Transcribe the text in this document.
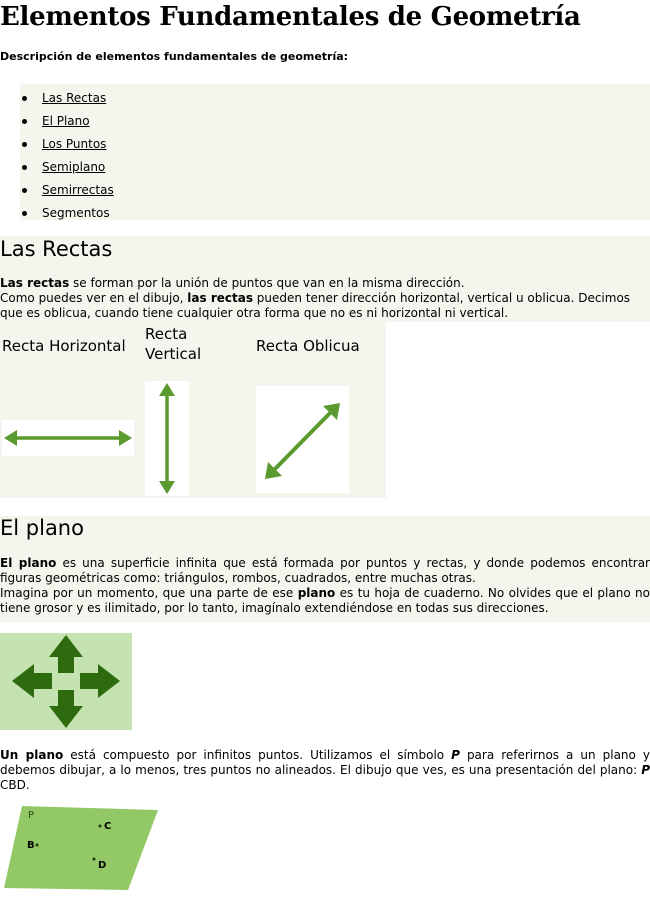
Elementos Fundamentales de Geometría
Descripción de elementos fundamentales de geometría:
Las Rectas
El Plano
Los Puntos
Semiplano
Semirrectas
Segmentos
Las Rectas

Las rectas se forman por la unión de puntos que van en la misma dirección.
Como puedes ver en el dibujo, las rectas pueden tener dirección horizontal, vertical u oblicua. Decimos que es oblicua, cuando tiene cualquier otra forma que no es ni horizontal ni vertical.

Recta Horizontal
Recta Vertical	Recta Oblicua
El plano

El plano es una superficie infinita que está formada por puntos y rectas, y donde podemos encontrar figuras geométricas como: triángulos, rombos, cuadrados, entre muchas otras.
Imagina por un momento, que una parte de ese plano es tu hoja de cuaderno. No olvides que el plano no tiene grosor y es ilimitado, por lo tanto, imagínalo extendiéndose en todas sus direcciones.

Un plano está compuesto por infinitos puntos. Utilizamos el símbolo P para referirnos a un plano y debemos dibujar, a lo menos, tres puntos no alineados. El dibujo que ves, es una presentación del plano: P CBD.

P
C
B
D
